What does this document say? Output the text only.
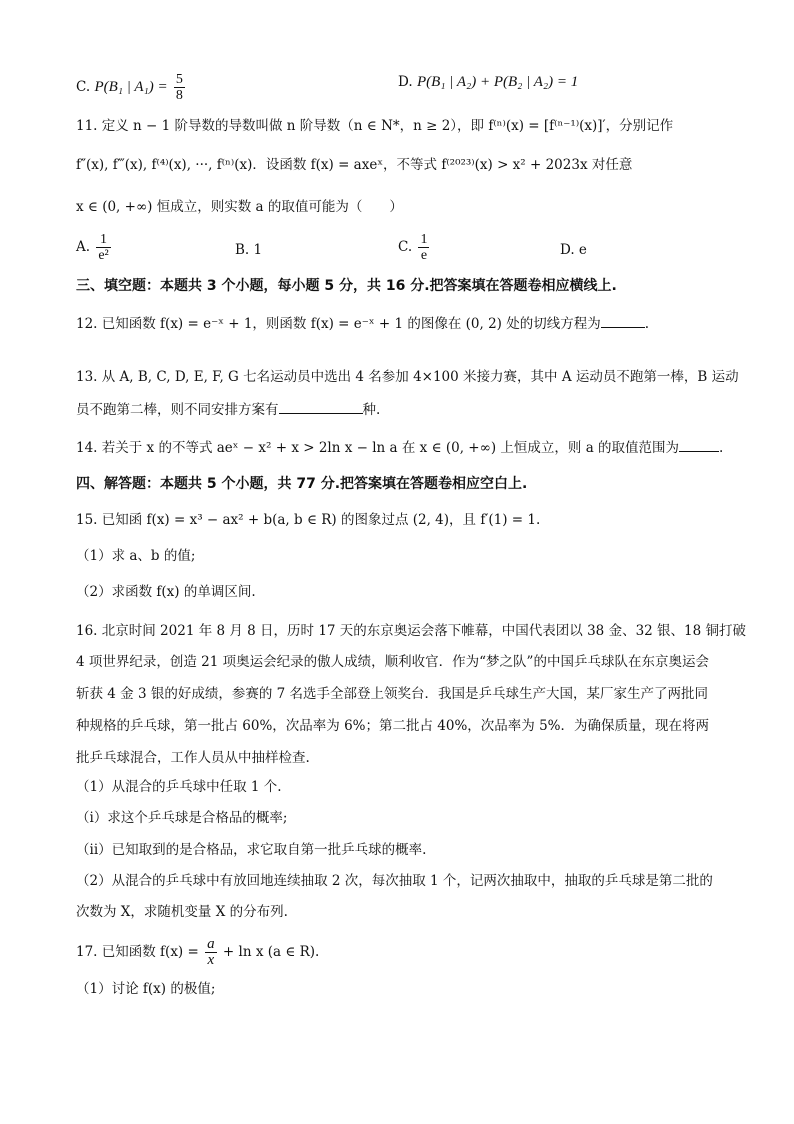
C. P(B₁ | $A_1) = \frac{5}{8}$	D. P(B₁ | A₂) + P(B₂ | A₂) = 1
11. 定义 n − 1 阶导数的导数叫做 n 阶导数（n ∈ N*，n ≥ 2），即 f⁽ⁿ⁾(x) = [f⁽ⁿ⁻¹⁾(x)]′，分别记作
f″(x), f‴(x), f⁽⁴⁾(x), ···, f⁽ⁿ⁾(x)．设函数 f(x) = axeˣ，不等式 f⁽²⁰²³⁾(x) > x² + 2023x 对任意
x ∈ (0, +∞) 恒成立，则实数 a 的取值可能为（　　）
A. $\frac{1}{\text{e²}}$	B. 1	C. $\frac{1}{e}$	D. e
三、填空题：本题共 3 个小题，每小题 5 分，共 16 分.把答案填在答题卷相应横线上.
12. 已知函数 f(x) = e⁻ˣ + 1，则函数 f(x) = e⁻ˣ + 1 的图像在 (0, 2) 处的切线方程为	.
13. 从 A, B, C, D, E, F, G 七名运动员中选出 4 名参加 4×100 米接力赛，其中 A 运动员不跑第一棒，B 运动
员不跑第二棒，则不同安排方案有	种.
14. 若关于 x 的不等式 aeˣ − x² + x > 2ln x − ln a 在 x ∈ (0, +∞) 上恒成立，则 a 的取值范围为	.
四、解答题：本题共 5 个小题，共 77 分.把答案填在答题卷相应空白上.
15. 已知函 f(x) = x³ − ax² + b(a, b ∈ R) 的图象过点 (2, 4)，且 f′(1) = 1.
（1）求 a、b 的值;
（2）求函数 f(x) 的单调区间.
16. 北京时间 2021 年 8 月 8 日，历时 17 天的东京奥运会落下帷幕，中国代表团以 38 金、32 银、18 铜打破
4 项世界纪录，创造 21 项奥运会纪录的傲人成绩，顺利收官．作为“梦之队”的中国乒乓球队在东京奥运会
斩获 4 金 3 银的好成绩，参赛的 7 名选手全部登上领奖台．我国是乒乓球生产大国，某厂家生产了两批同
种规格的乒乓球，第一批占 60%，次品率为 6%；第二批占 40%，次品率为 5%．为确保质量，现在将两
批乒乓球混合，工作人员从中抽样检查.
（1）从混合的乒乓球中任取 1 个.
（i）求这个乒乓球是合格品的概率;
（ii）已知取到的是合格品，求它取自第一批乒乓球的概率.
（2）从混合的乒乓球中有放回地连续抽取 2 次，每次抽取 1 个，记两次抽取中，抽取的乒乓球是第二批的
次数为 X，求随机变量 X 的分布列.
17. 已知函数 $f(x) = \frac{a}{x} + \ln x$ (a ∈ R).
（1）讨论 f(x) 的极值;
